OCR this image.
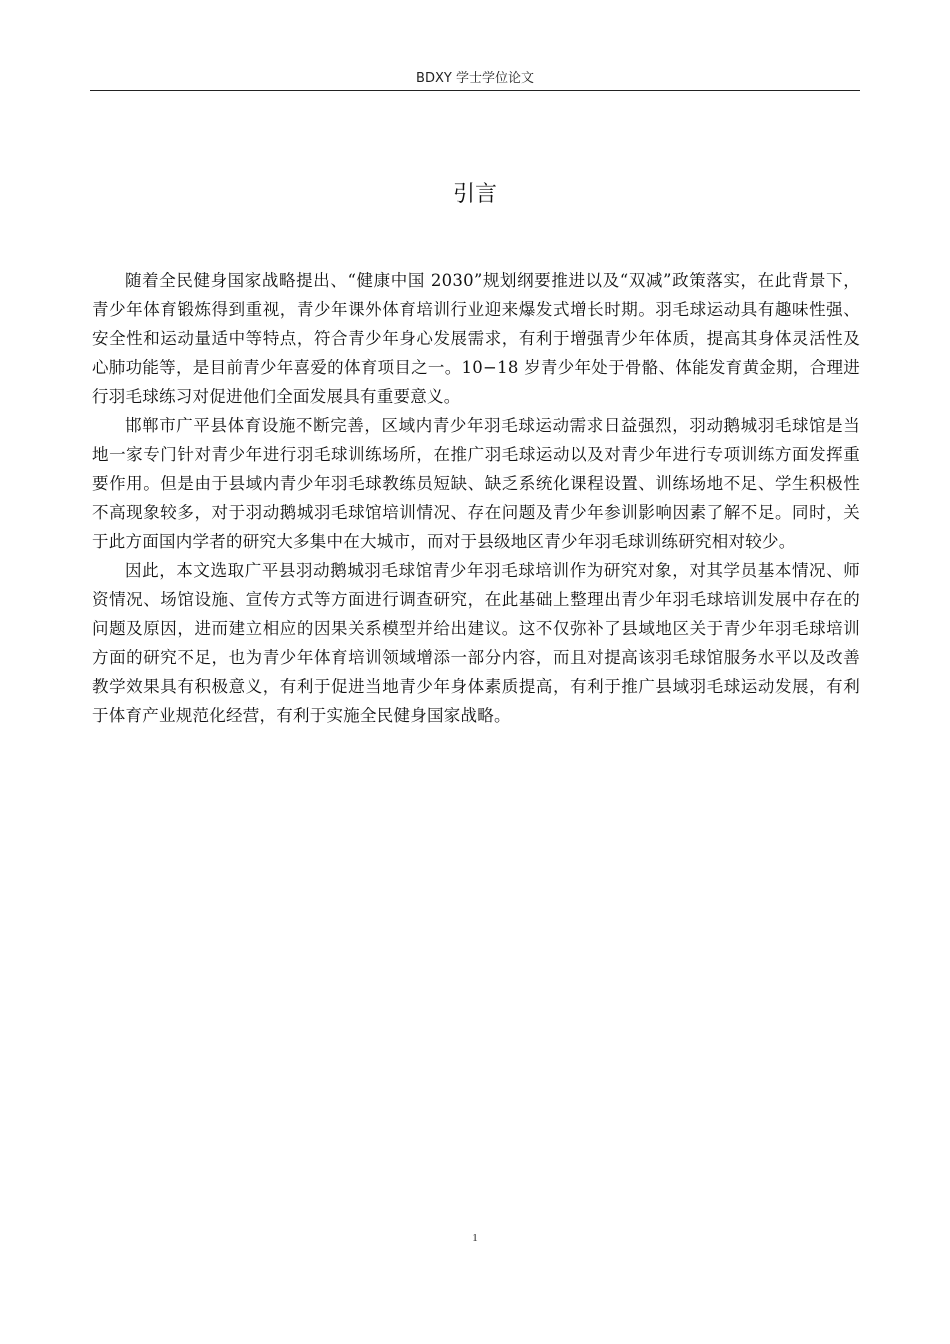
BDXY 学士学位论文
引言

随着全民健身国家战略提出、“健康中国 2030”规划纲要推进以及“双减”政策落实，在此背景下，青少年体育锻炼得到重视，青少年课外体育培训行业迎来爆发式增长时期。羽毛球运动具有趣味性强、安全性和运动量适中等特点，符合青少年身心发展需求，有利于增强青少年体质，提高其身体灵活性及心肺功能等，是目前青少年喜爱的体育项目之一。10−18 岁青少年处于骨骼、体能发育黄金期，合理进行羽毛球练习对促进他们全面发展具有重要意义。

邯郸市广平县体育设施不断完善，区域内青少年羽毛球运动需求日益强烈，羽动鹅城羽毛球馆是当地一家专门针对青少年进行羽毛球训练场所，在推广羽毛球运动以及对青少年进行专项训练方面发挥重要作用。但是由于县域内青少年羽毛球教练员短缺、缺乏系统化课程设置、训练场地不足、学生积极性不高现象较多，对于羽动鹅城羽毛球馆培训情况、存在问题及青少年参训影响因素了解不足。同时，关于此方面国内学者的研究大多集中在大城市，而对于县级地区青少年羽毛球训练研究相对较少。

因此，本文选取广平县羽动鹅城羽毛球馆青少年羽毛球培训作为研究对象，对其学员基本情况、师资情况、场馆设施、宣传方式等方面进行调查研究，在此基础上整理出青少年羽毛球培训发展中存在的问题及原因，进而建立相应的因果关系模型并给出建议。这不仅弥补了县域地区关于青少年羽毛球培训方面的研究不足，也为青少年体育培训领域增添一部分内容，而且对提高该羽毛球馆服务水平以及改善教学效果具有积极意义，有利于促进当地青少年身体素质提高，有利于推广县域羽毛球运动发展，有利于体育产业规范化经营，有利于实施全民健身国家战略。

1
